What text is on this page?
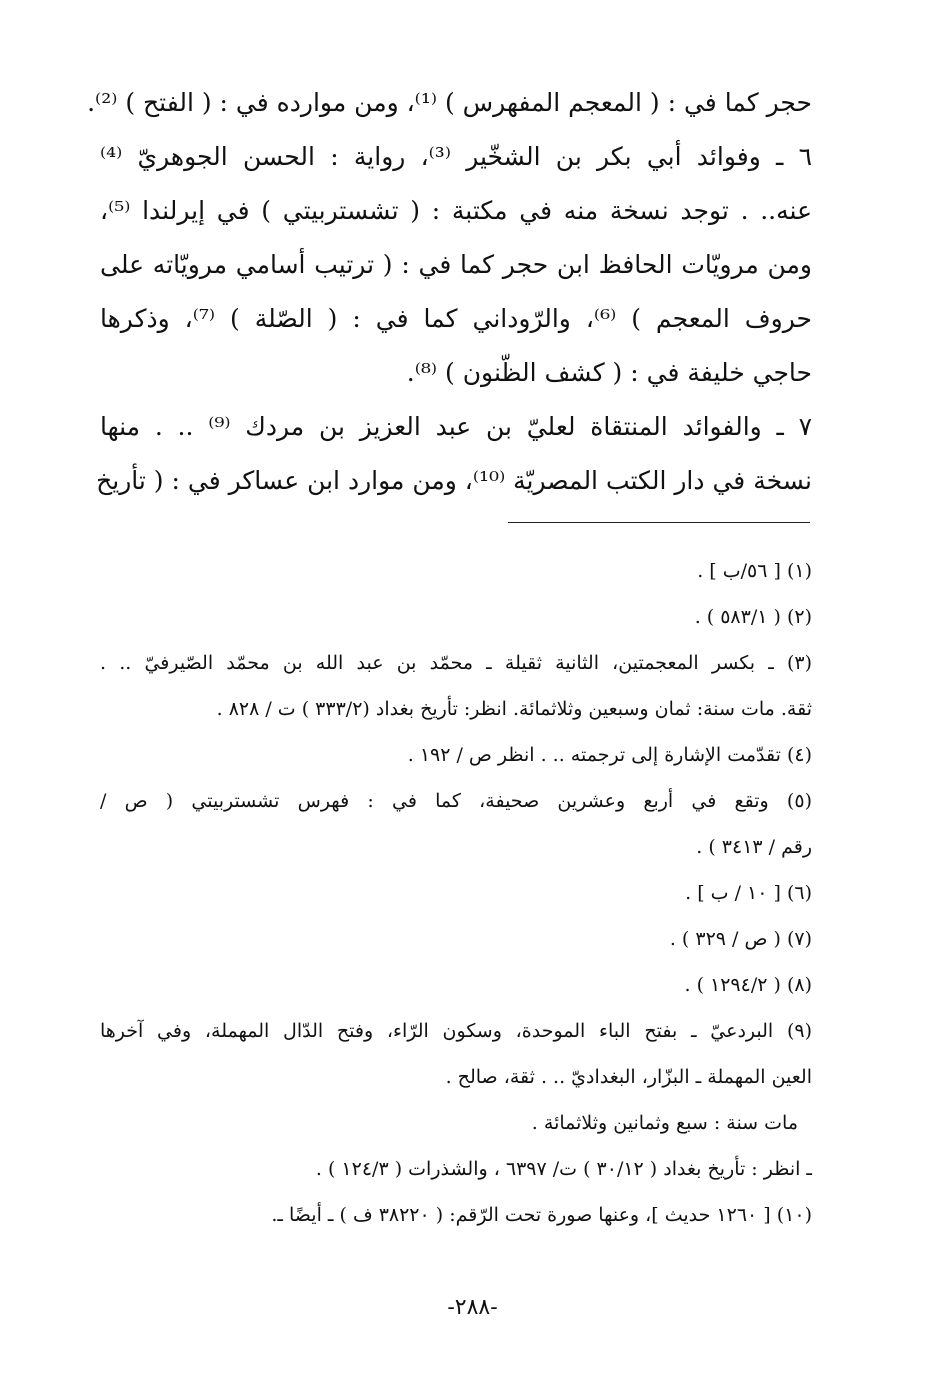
حجر كما في : ( المعجم المفهرس ) ⁽¹⁾، ومن موارده في : ( الفتح ) ⁽²⁾.
٦ ـ وفوائد أبي بكر بن الشخّير ⁽³⁾، رواية : الحسن الجوهريّ ⁽⁴⁾
عنه.. . توجد نسخة منه في مكتبة : ( تشستربيتي ) في إيرلندا ⁽⁵⁾،
ومن مرويّات الحافظ ابن حجر كما في : ( ترتيب أسامي مرويّاته على
حروف المعجم ) ⁽⁶⁾، والرّوداني كما في : ( الصّلة ) ⁽⁷⁾، وذكرها
حاجي خليفة في : ( كشف الظّنون ) ⁽⁸⁾.
٧ ـ والفوائد المنتقاة لعليّ بن عبد العزيز بن مردك ⁽⁹⁾ .. . منها
نسخة في دار الكتب المصريّة ⁽¹⁰⁾، ومن موارد ابن عساكر في : ( تأريخ
(١) [ ٥٦/ب ] .
(٢) ( ٥٨٣/١ ) .
(٣) ـ بكسر المعجمتين، الثانية ثقيلة ـ محمّد بن عبد الله بن محمّد الصّيرفيّ .. .
ثقة. مات سنة: ثمان وسبعين وثلاثمائة. انظر: تأريخ بغداد (٣٣٣/٢ ) ت / ٨٢٨ .
(٤) تقدّمت الإشارة إلى ترجمته .. . انظر ص / ١٩٢ .
(٥) وتقع في أربع وعشرين صحيفة، كما في : فهرس تشستربيتي ( ص /
رقم / ٣٤١٣ ) .
(٦) [ ١٠ / ب ] .
(٧) ( ص / ٣٢٩ ) .
(٨) ( ١٢٩٤/٢ ) .
(٩) البردعيّ ـ بفتح الباء الموحدة، وسكون الرّاء، وفتح الدّال المهملة، وفي آخرها
العين المهملة ـ البزّار، البغداديّ .. . ثقة، صالح .
مات سنة : سبع وثمانين وثلاثمائة .
ـ انظر : تأريخ بغداد ( ٣٠/١٢ ) ت/ ٦٣٩٧ ، والشذرات ( ١٢٤/٣ ) .
(١٠) [ ١٢٦٠ حديث ]، وعنها صورة تحت الرّقم: ( ٣٨٢٢٠ ف ) ـ أيضًا ـ.
-٢٨٨-
